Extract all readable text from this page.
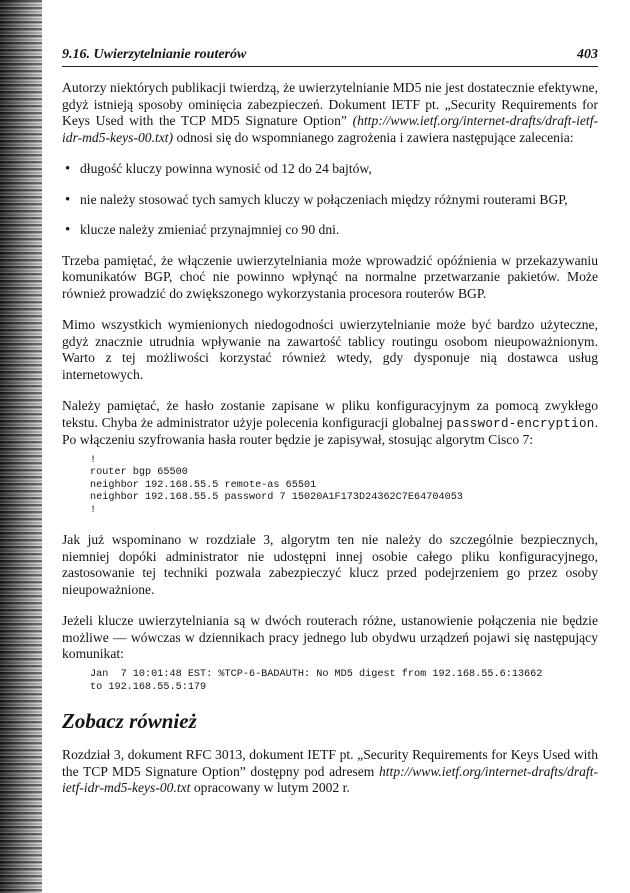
9.16. Uwierzytelnianie routerów	403

Autorzy niektórych publikacji twierdzą, że uwierzytelnianie MD5 nie jest dostatecznie efektywne, gdyż istnieją sposoby ominięcia zabezpieczeń. Dokument IETF pt. „Security Requirements for Keys Used with the TCP MD5 Signature Option” (http://www.ietf.org/internet-drafts/draft-ietf-idr-md5-keys-00.txt) odnosi się do wspomnianego zagrożenia i zawiera następujące zalecenia:

• długość kluczy powinna wynosić od 12 do 24 bajtów,
• nie należy stosować tych samych kluczy w połączeniach między różnymi routerami BGP,
• klucze należy zmieniać przynajmniej co 90 dni.

Trzeba pamiętać, że włączenie uwierzytelniania może wprowadzić opóźnienia w przekazywaniu komunikatów BGP, choć nie powinno wpłynąć na normalne przetwarzanie pakietów. Może również prowadzić do zwiększonego wykorzystania procesora routerów BGP.

Mimo wszystkich wymienionych niedogodności uwierzytelnianie może być bardzo użyteczne, gdyż znacznie utrudnia wpływanie na zawartość tablicy routingu osobom nieupoważnionym. Warto z tej możliwości korzystać również wtedy, gdy dysponuje nią dostawca usług internetowych.

Należy pamiętać, że hasło zostanie zapisane w pliku konfiguracyjnym za pomocą zwykłego tekstu. Chyba że administrator użyje polecenia konfiguracji globalnej password-encryption. Po włączeniu szyfrowania hasła router będzie je zapisywał, stosując algorytm Cisco 7:

!
router bgp 65500
neighbor 192.168.55.5 remote-as 65501
neighbor 192.168.55.5 password 7 15020A1F173D24362C7E64704053
!

Jak już wspominano w rozdziale 3, algorytm ten nie należy do szczególnie bezpiecznych, niemniej dopóki administrator nie udostępni innej osobie całego pliku konfiguracyjnego, zastosowanie tej techniki pozwala zabezpieczyć klucz przed podejrzeniem go przez osoby nieupoważnione.

Jeżeli klucze uwierzytelniania są w dwóch routerach różne, ustanowienie połączenia nie będzie możliwe — wówczas w dziennikach pracy jednego lub obydwu urządzeń pojawi się następujący komunikat:

Jan  7 10:01:48 EST: %TCP-6-BADAUTH: No MD5 digest from 192.168.55.6:13662
to 192.168.55.5:179
Zobacz również

Rozdział 3, dokument RFC 3013, dokument IETF pt. „Security Requirements for Keys Used with the TCP MD5 Signature Option” dostępny pod adresem http://www.ietf.org/internet-drafts/draft-ietf-idr-md5-keys-00.txt opracowany w lutym 2002 r.
